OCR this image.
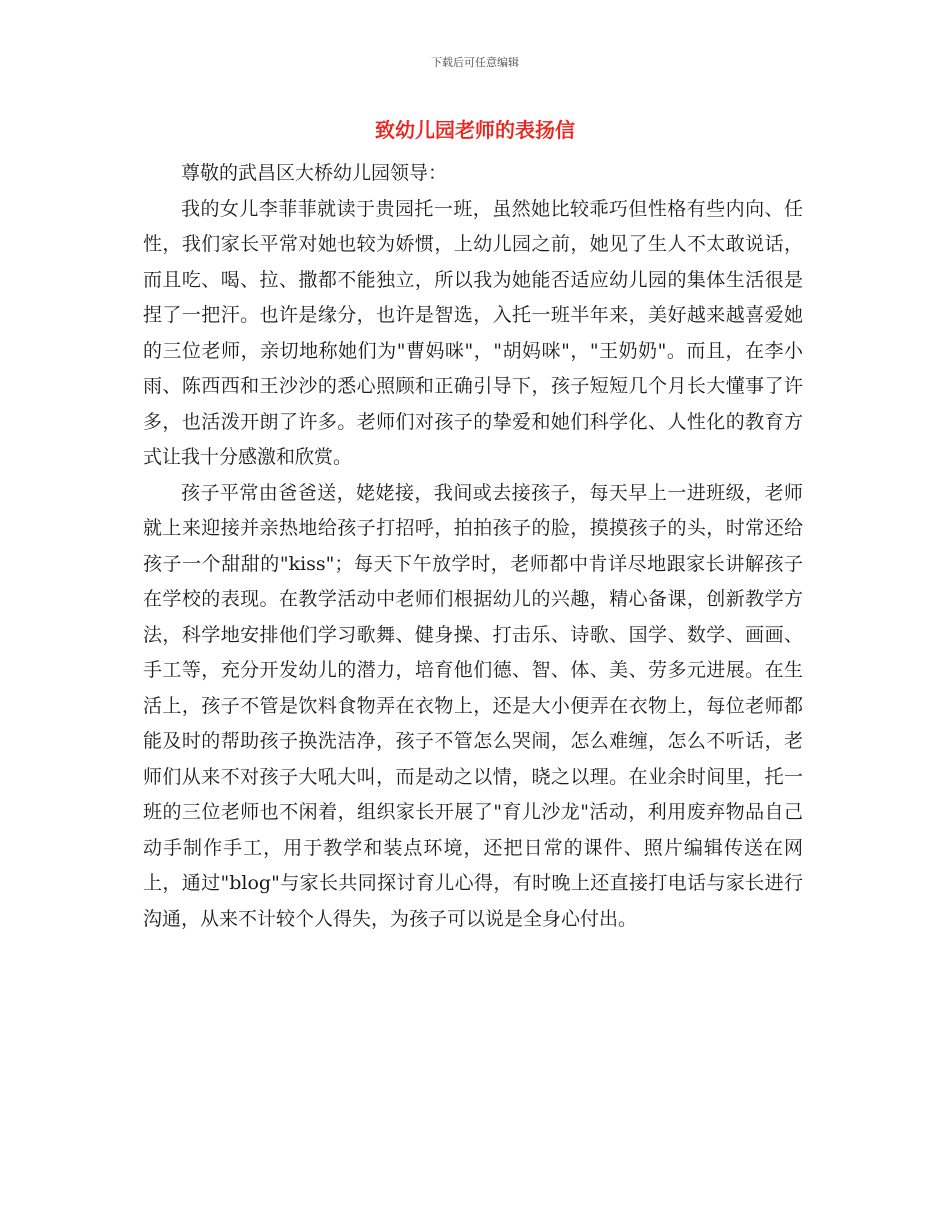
下载后可任意编辑
致幼儿园老师的表扬信

尊敬的武昌区大桥幼儿园领导：

我的女儿李菲菲就读于贵园托一班，虽然她比较乖巧但性格有些内向、任性，我们家长平常对她也较为娇惯，上幼儿园之前，她见了生人不太敢说话，而且吃、喝、拉、撒都不能独立，所以我为她能否适应幼儿园的集体生活很是捏了一把汗。也许是缘分，也许是智选，入托一班半年来，美好越来越喜爱她的三位老师，亲切地称她们为"曹妈咪"，"胡妈咪"，"王奶奶"。而且，在李小雨、陈西西和王沙沙的悉心照顾和正确引导下，孩子短短几个月长大懂事了许多，也活泼开朗了许多。老师们对孩子的挚爱和她们科学化、人性化的教育方式让我十分感激和欣赏。

孩子平常由爸爸送，姥姥接，我间或去接孩子，每天早上一进班级，老师就上来迎接并亲热地给孩子打招呼，拍拍孩子的脸，摸摸孩子的头，时常还给孩子一个甜甜的"kiss"；每天下午放学时，老师都中肯详尽地跟家长讲解孩子在学校的表现。在教学活动中老师们根据幼儿的兴趣，精心备课，创新教学方法，科学地安排他们学习歌舞、健身操、打击乐、诗歌、国学、数学、画画、手工等，充分开发幼儿的潜力，培育他们德、智、体、美、劳多元进展。在生活上，孩子不管是饮料食物弄在衣物上，还是大小便弄在衣物上，每位老师都能及时的帮助孩子换洗洁净，孩子不管怎么哭闹，怎么难缠，怎么不听话，老师们从来不对孩子大吼大叫，而是动之以情，晓之以理。在业余时间里，托一班的三位老师也不闲着，组织家长开展了"育儿沙龙"活动，利用废弃物品自己动手制作手工，用于教学和装点环境，还把日常的课件、照片编辑传送在网上，通过"blog"与家长共同探讨育儿心得，有时晚上还直接打电话与家长进行沟通，从来不计较个人得失，为孩子可以说是全身心付出。
